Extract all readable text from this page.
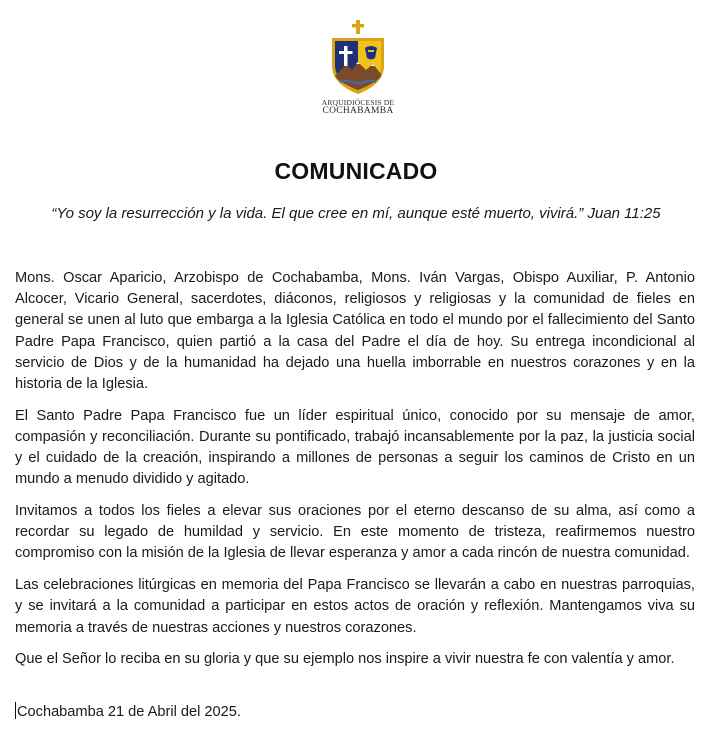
ARQUIDIÓCESIS DE
COCHABAMBA
COMUNICADO
“Yo soy la resurrección y la vida. El que cree en mí, aunque esté muerto, vivirá.” Juan 11:25

Mons. Oscar Aparicio, Arzobispo de Cochabamba, Mons. Iván Vargas, Obispo Auxiliar, P. Antonio Alcocer, Vicario General, sacerdotes, diáconos, religiosos y religiosas y la comunidad de fieles en general se unen al luto que embarga a la Iglesia Católica en todo el mundo por el fallecimiento del Santo Padre Papa Francisco, quien partió a la casa del Padre el día de hoy. Su entrega incondicional al servicio de Dios y de la humanidad ha dejado una huella imborrable en nuestros corazones y en la historia de la Iglesia.

El Santo Padre Papa Francisco fue un líder espiritual único, conocido por su mensaje de amor, compasión y reconciliación. Durante su pontificado, trabajó incansablemente por la paz, la justicia social y el cuidado de la creación, inspirando a millones de personas a seguir los caminos de Cristo en un mundo a menudo dividido y agitado.

Invitamos a todos los fieles a elevar sus oraciones por el eterno descanso de su alma, así como a recordar su legado de humildad y servicio. En este momento de tristeza, reafirmemos nuestro compromiso con la misión de la Iglesia de llevar esperanza y amor a cada rincón de nuestra comunidad.

Las celebraciones litúrgicas en memoria del Papa Francisco se llevarán a cabo en nuestras parroquias, y se invitará a la comunidad a participar en estos actos de oración y reflexión. Mantengamos viva su memoria a través de nuestras acciones y nuestros corazones.

Que el Señor lo reciba en su gloria y que su ejemplo nos inspire a vivir nuestra fe con valentía y amor.

Cochabamba 21 de Abril del 2025.
